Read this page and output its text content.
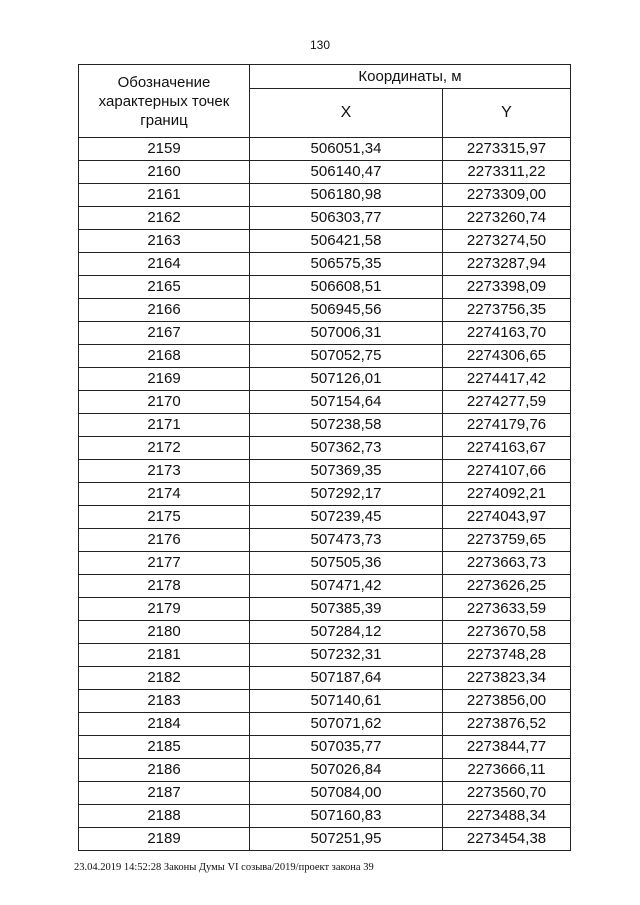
130
Обозначение характерных точек границ	Координаты, м	
	X	Y
2159	506051,34	2273315,97
2160	506140,47	2273311,22
2161	506180,98	2273309,00
2162	506303,77	2273260,74
2163	506421,58	2273274,50
2164	506575,35	2273287,94
2165	506608,51	2273398,09
2166	506945,56	2273756,35
2167	507006,31	2274163,70
2168	507052,75	2274306,65
2169	507126,01	2274417,42
2170	507154,64	2274277,59
2171	507238,58	2274179,76
2172	507362,73	2274163,67
2173	507369,35	2274107,66
2174	507292,17	2274092,21
2175	507239,45	2274043,97
2176	507473,73	2273759,65
2177	507505,36	2273663,73
2178	507471,42	2273626,25
2179	507385,39	2273633,59
2180	507284,12	2273670,58
2181	507232,31	2273748,28
2182	507187,64	2273823,34
2183	507140,61	2273856,00
2184	507071,62	2273876,52
2185	507035,77	2273844,77
2186	507026,84	2273666,11
2187	507084,00	2273560,70
2188	507160,83	2273488,34
2189	507251,95	2273454,38
23.04.2019 14:52:28 Законы Думы VI созыва/2019/проект закона 39
